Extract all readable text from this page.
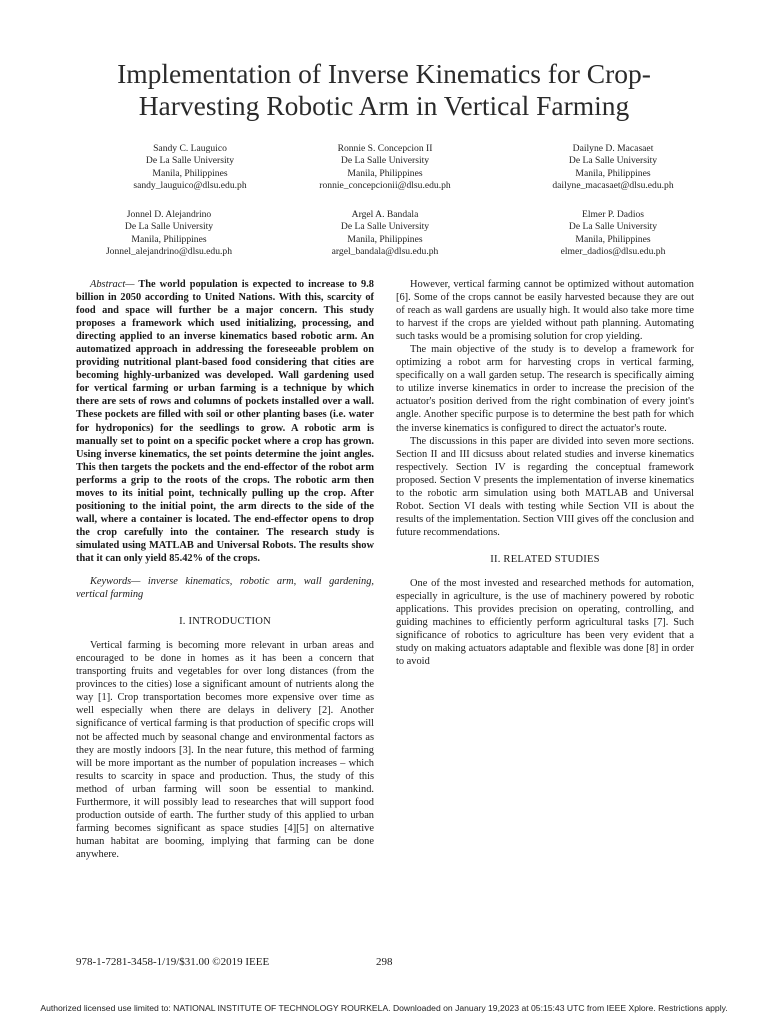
Implementation of Inverse Kinematics for Crop-Harvesting Robotic Arm in Vertical Farming
Sandy C. Lauguico
De La Salle University
Manila, Philippines
sandy_lauguico@dlsu.edu.ph
Ronnie S. Concepcion II
De La Salle University
Manila, Philippines
ronnie_concepcionii@dlsu.edu.ph
Dailyne D. Macasaet
De La Salle University
Manila, Philippines
dailyne_macasaet@dlsu.edu.ph
Jonnel D. Alejandrino
De La Salle University
Manila, Philippines
Jonnel_alejandrino@dlsu.edu.ph
Argel A. Bandala
De La Salle University
Manila, Philippines
argel_bandala@dlsu.edu.ph
Elmer P. Dadios
De La Salle University
Manila, Philippines
elmer_dadios@dlsu.edu.ph

Abstract— The world population is expected to increase to 9.8 billion in 2050 according to United Nations. With this, scarcity of food and space will further be a major concern. This study proposes a framework which used initializing, processing, and directing applied to an inverse kinematics based robotic arm. An automatized approach in addressing the foreseeable problem on providing nutritional plant-based food considering that cities are becoming highly-urbanized was developed. Wall gardening used for vertical farming or urban farming is a technique by which there are sets of rows and columns of pockets installed over a wall. These pockets are filled with soil or other planting bases (i.e. water for hydroponics) for the seedlings to grow. A robotic arm is manually set to point on a specific pocket where a crop has grown. Using inverse kinematics, the set points determine the joint angles. This then targets the pockets and the end-effector of the robot arm performs a grip to the roots of the crops. The robotic arm then moves to its initial point, technically pulling up the crop. After positioning to the initial point, the arm directs to the side of the wall, where a container is located. The end-effector opens to drop the crop carefully into the container. The research study is simulated using MATLAB and Universal Robots. The results show that it can only yield 85.42% of the crops.

Keywords— inverse kinematics, robotic arm, wall gardening, vertical farming

I. INTRODUCTION

Vertical farming is becoming more relevant in urban areas and encouraged to be done in homes as it has been a concern that transporting fruits and vegetables for over long distances (from the provinces to the cities) lose a significant amount of nutrients along the way [1]. Crop transportation becomes more expensive over time as well especially when there are delays in delivery [2]. Another significance of vertical farming is that production of specific crops will not be affected much by seasonal change and environmental factors as they are mostly indoors [3]. In the near future, this method of farming will be more important as the number of population increases – which results to scarcity in space and production. Thus, the study of this method of urban farming will soon be essential to mankind. Furthermore, it will possibly lead to researches that will support food production outside of earth. The further study of this applied to urban farming becomes significant as space studies [4][5] on alternative human habitat are booming, implying that farming can be done anywhere.

However, vertical farming cannot be optimized without automation [6]. Some of the crops cannot be easily harvested because they are out of reach as wall gardens are usually high. It would also take more time to harvest if the crops are yielded without path planning. Automating such tasks would be a promising solution for crop yielding.

The main objective of the study is to develop a framework for optimizing a robot arm for harvesting crops in vertical farming, specifically on a wall garden setup. The research is specifically aiming to utilize inverse kinematics in order to increase the precision of the actuator's position derived from the right combination of every joint's angle. Another specific purpose is to determine the best path for which the inverse kinematics is configured to direct the actuator's route.

The discussions in this paper are divided into seven more sections. Section II and III dicsuss about related studies and inverse kinematics respectively. Section IV is regarding the conceptual framework proposed. Section V presents the implementation of inverse kinematics to the robotic arm simulation using both MATLAB and Universal Robot. Section VI deals with testing while Section VII is about the results of the implementation. Section VIII gives off the conclusion and future recommendations.

II. RELATED STUDIES

One of the most invested and researched methods for automation, especially in agriculture, is the use of machinery powered by robotic applications. This provides precision on operating, controlling, and guiding machines to efficiently perform agricultural tasks [7]. Such significance of robotics to agriculture has been very evident that a study on making actuators adaptable and flexible was done [8] in order to avoid

978-1-7281-3458-1/19/$31.00 ©2019 IEEE	298
Authorized licensed use limited to: NATIONAL INSTITUTE OF TECHNOLOGY ROURKELA. Downloaded on January 19,2023 at 05:15:43 UTC from IEEE Xplore. Restrictions apply.
